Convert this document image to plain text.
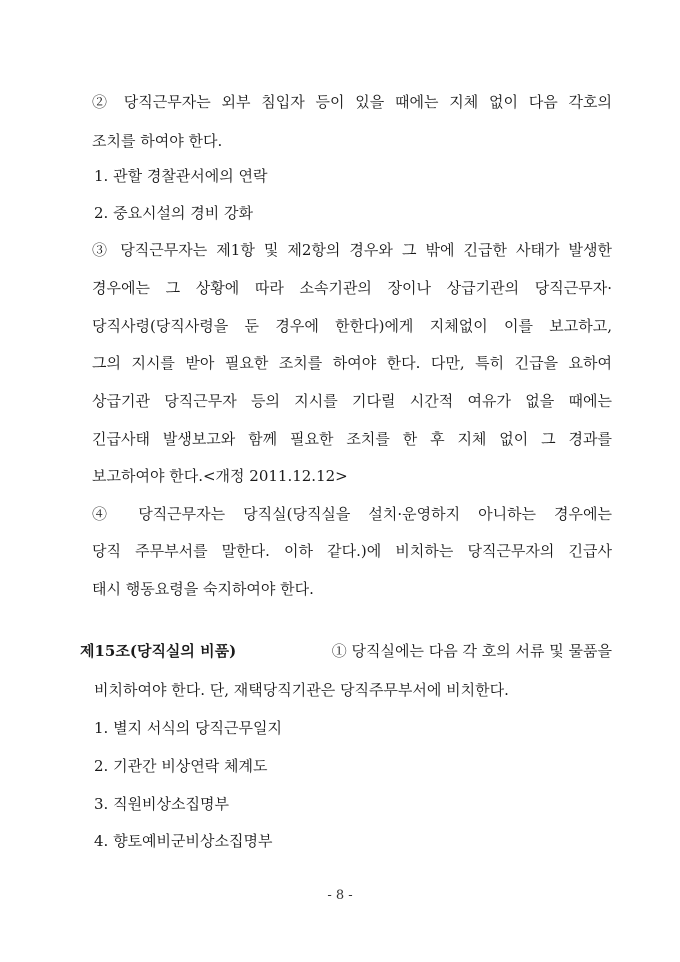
② 당직근무자는 외부 침입자 등이 있을 때에는 지체 없이 다음 각호의
조치를 하여야 한다.
1. 관할 경찰관서에의 연락
2. 중요시설의 경비 강화
③ 당직근무자는 제1항 및 제2항의 경우와 그 밖에 긴급한 사태가 발생한
경우에는 그 상황에 따라 소속기관의 장이나 상급기관의 당직근무자·
당직사령(당직사령을 둔 경우에 한한다)에게 지체없이 이를 보고하고,
그의 지시를 받아 필요한 조치를 하여야 한다. 다만, 특히 긴급을 요하여
상급기관 당직근무자 등의 지시를 기다릴 시간적 여유가 없을 때에는
긴급사태 발생보고와 함께 필요한 조치를 한 후 지체 없이 그 경과를
보고하여야 한다.<개정 2011.12.12>
④ 당직근무자는 당직실(당직실을 설치·운영하지 아니하는 경우에는
당직 주무부서를 말한다. 이하 같다.)에 비치하는 당직근무자의 긴급사
태시 행동요령을 숙지하여야 한다.
제15조(당직실의 비품)	① 당직실에는 다음 각 호의 서류 및 물품을
비치하여야 한다. 단, 재택당직기관은 당직주무부서에 비치한다.
1. 별지 서식의 당직근무일지
2. 기관간 비상연락 체계도
3. 직원비상소집명부
4. 향토예비군비상소집명부
- 8 -
